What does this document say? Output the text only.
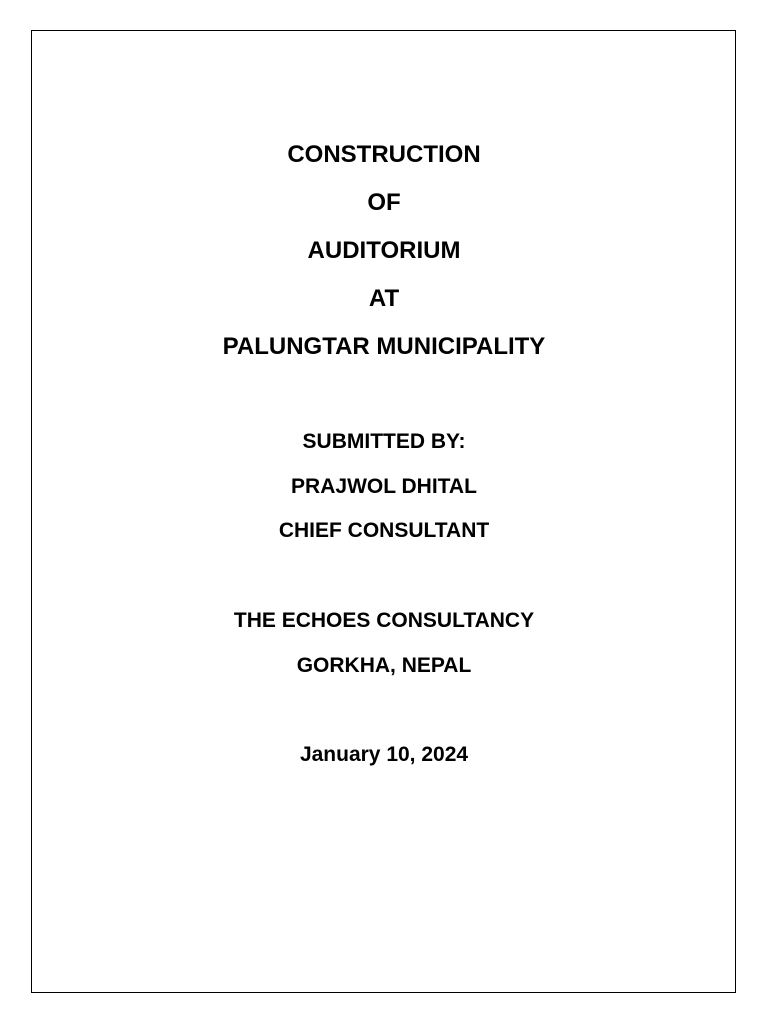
CONSTRUCTION
OF
AUDITORIUM
AT
PALUNGTAR MUNICIPALITY
SUBMITTED BY:
PRAJWOL DHITAL
CHIEF CONSULTANT
THE ECHOES CONSULTANCY
GORKHA, NEPAL
January 10, 2024
